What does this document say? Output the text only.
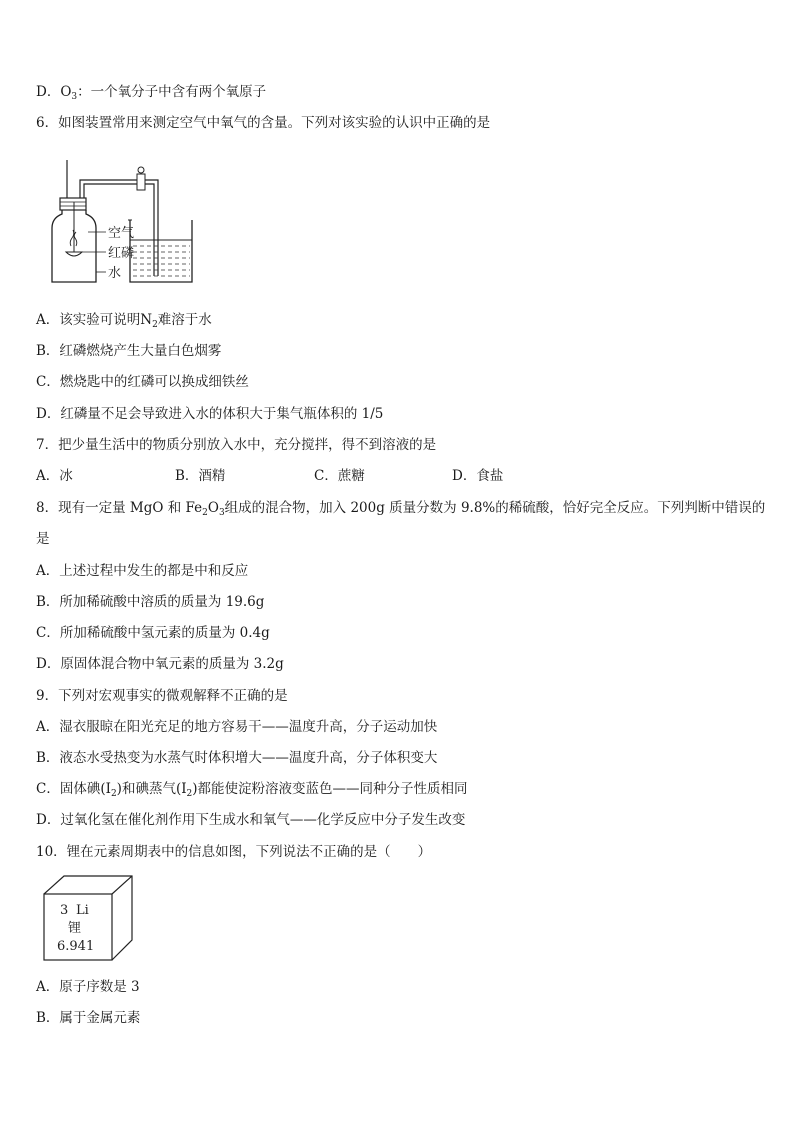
D．$O_3$：一个氧分子中含有两个氧原子
6．如图装置常用来测定空气中氧气的含量。下列对该实验的认识中正确的是
空气
红磷
水
A．该实验可说明$N_2$难溶于水
B．红磷燃烧产生大量白色烟雾
C．燃烧匙中的红磷可以换成细铁丝
D．红磷量不足会导致进入水的体积大于集气瓶体积的 1/5
7．把少量生活中的物质分别放入水中，充分搅拌，得不到溶液的是
A．冰	B．酒精	C．蔗糖	D．食盐
8．现有一定量 MgO 和 $Fe_2O_3$组成的混合物，加入 200g 质量分数为 9.8%的稀硫酸，恰好完全反应。下列判断中错误的
是
A．上述过程中发生的都是中和反应
B．所加稀硫酸中溶质的质量为 19.6g
C．所加稀硫酸中氢元素的质量为 0.4g
D．原固体混合物中氧元素的质量为 3.2g
9．下列对宏观事实的微观解释不正确的是
A．湿衣服晾在阳光充足的地方容易干——温度升高，分子运动加快
B．液态水受热变为水蒸气时体积增大——温度升高，分子体积变大
C．固体碘$(I_2)$和碘蒸气$(I_2)$都能使淀粉溶液变蓝色——同种分子性质相同
D．过氧化氢在催化剂作用下生成水和氧气——化学反应中分子发生改变
10．锂在元素周期表中的信息如图，下列说法不正确的是（　　）
3 Li
锂
6.941
A．原子序数是 3
B．属于金属元素
